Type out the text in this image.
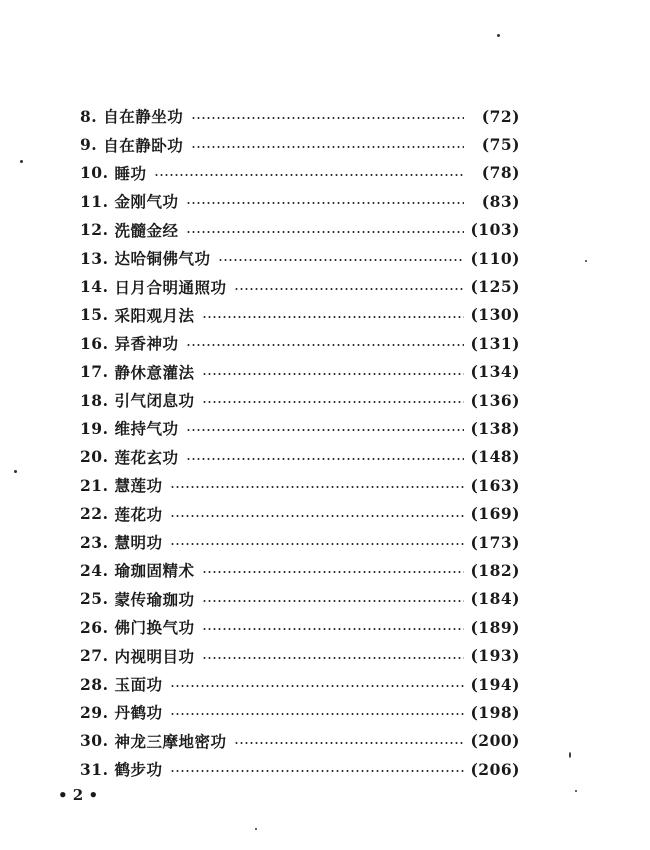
8. 自在静坐功	(72)
9. 自在静卧功	(75)
10. 睡功	(78)
11. 金刚气功	(83)
12. 洗髓金经	(103)
13. 达哈铜佛气功	(110)
14. 日月合明通照功	(125)
15. 采阳观月法	(130)
16. 异香神功	(131)
17. 静休意灌法	(134)
18. 引气闭息功	(136)
19. 维持气功	(138)
20. 莲花玄功	(148)
21. 慧莲功	(163)
22. 莲花功	(169)
23. 慧明功	(173)
24. 瑜珈固精术	(182)
25. 蒙传瑜珈功	(184)
26. 佛门换气功	(189)
27. 内视明目功	(193)
28. 玉面功	(194)
29. 丹鹤功	(198)
30. 神龙三摩地密功	(200)
31. 鹤步功	(206)
• 2 •
